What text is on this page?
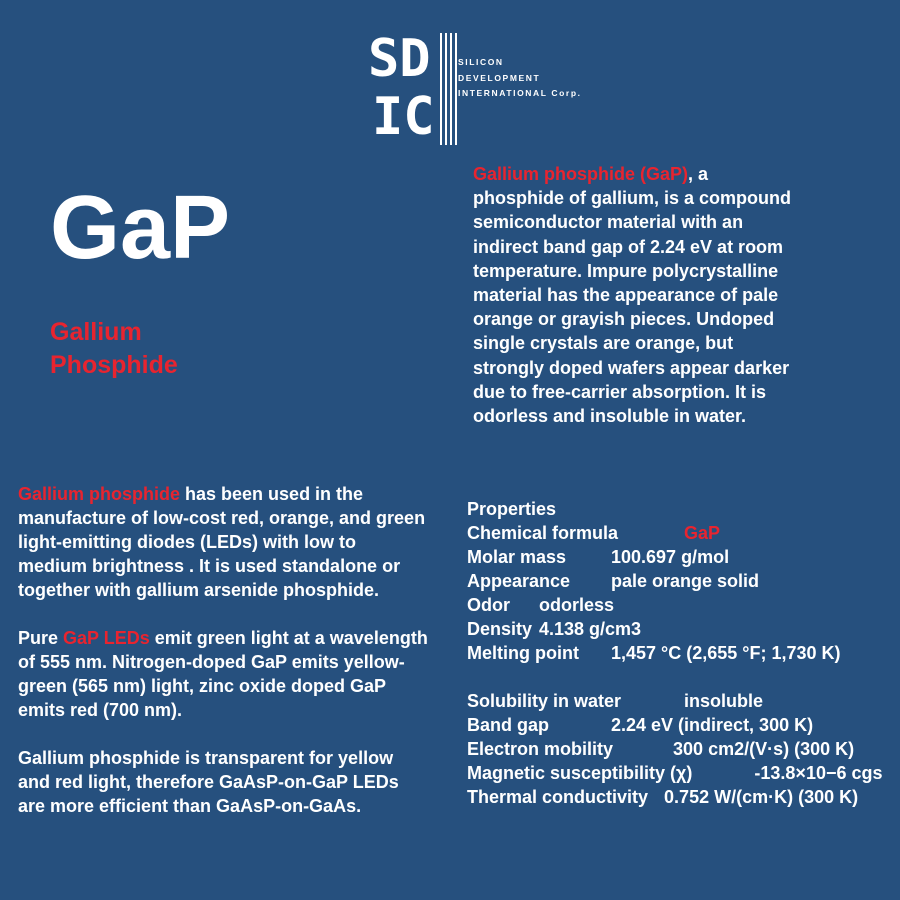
SD
IC
SILICON
DEVELOPMENT
INTERNATIONAL Corp.
GaP
Gallium
Phosphide
Gallium phosphide (GaP), a phosphide of gallium, is a compound semiconductor material with an indirect band gap of 2.24 eV at room temperature. Impure polycrystalline material has the appearance of pale orange or grayish pieces. Undoped single crystals are orange, but strongly doped wafers appear darker due to free-carrier absorption. It is odorless and insoluble in water.

Gallium phosphide has been used in the manufacture of low-cost red, orange, and green light-emitting diodes (LEDs) with low to medium brightness . It is used standalone or together with gallium arsenide phosphide.

Pure GaP LEDs emit green light at a wavelength of 555 nm. Nitrogen-doped GaP emits yellow-green (565 nm) light, zinc oxide doped GaP emits red (700 nm).

Gallium phosphide is transparent for yellow and red light, therefore GaAsP-on-GaP LEDs are more efficient than GaAsP-on-GaAs.

Properties
Chemical formula	GaP
Molar mass 100.697 g/mol
Appearance pale orange solid
Odor odorless
Density 4.138 g/cm3
Melting point 1,457 °C (2,655 °F; 1,730 K)
Solubility in water	insoluble
Band gap	2.24 eV (indirect, 300 K)
Electron mobility	300 cm2/(V·s) (300 K)
Magnetic susceptibility (χ)	-13.8×10−6 cgs
Thermal conductivity 0.752 W/(cm·K) (300 K)
